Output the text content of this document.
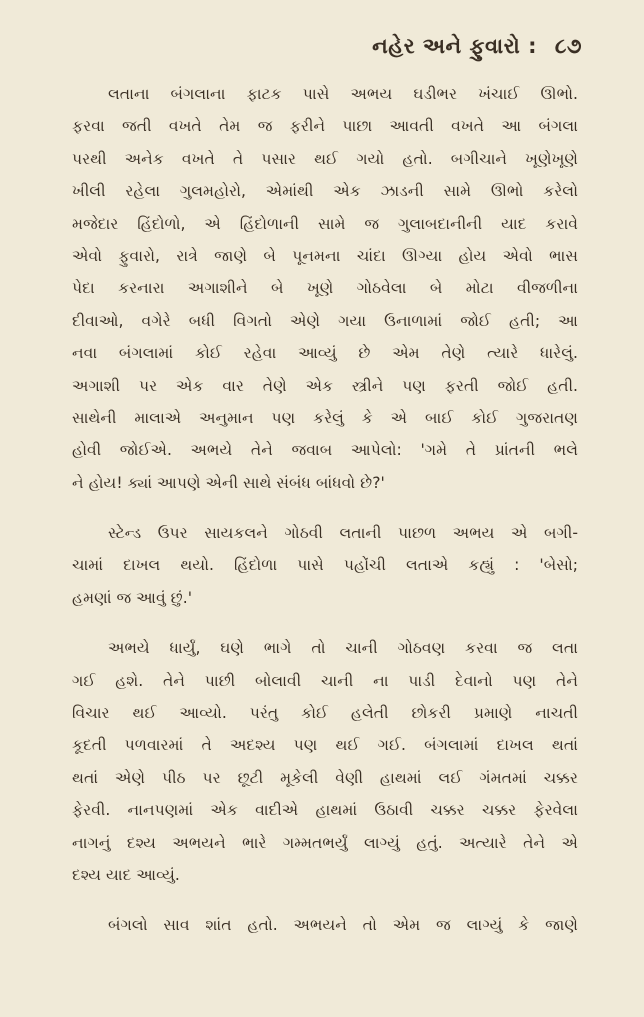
નહેર અને ફુવારો : ૮૭
લતાના બંગલાના ફાટક પાસે અભય ઘડીભર ખંચાઈ ઊભો.
ફરવા જતી વખતે તેમ જ ફરીને પાછા આવતી વખતે આ બંગલા
પરથી અનેક વખતે તે પસાર થઈ ગયો હતો. બગીચાને ખૂણેખૂણે
ખીલી રહેલા ગુલમહોરો, એમાંથી એક ઝાડની સામે ઊભો કરેલો
મજેદાર હિંદોળો, એ હિંદોળાની સામે જ ગુલાબદાનીની યાદ કરાવે
એવો ફુવારો, રાત્રે જાણે બે પૂનમના ચાંદા ઊગ્યા હોય એવો ભાસ
પેદા કરનારા અગાશીને બે ખૂણે ગોઠવેલા બે મોટા વીજળીના
દીવાઓ, વગેરે બધી વિગતો એણે ગયા ઉનાળામાં જોઈ હતી; આ
નવા બંગલામાં કોઈ રહેવા આવ્યું છે એમ તેણે ત્યારે ધારેલું.
અગાશી પર એક વાર તેણે એક સ્ત્રીને પણ ફરતી જોઈ હતી.
સાથેની માલાએ અનુમાન પણ કરેલું કે એ બાઈ કોઈ ગુજરાતણ
હોવી જોઈએ. અભયે તેને જવાબ આપેલો: 'ગમે તે પ્રાંતની ભલે
ને હોય! ક્યાં આપણે એની સાથે સંબંધ બાંધવો છે?'
સ્ટેન્ડ ઉપર સાયકલને ગોઠવી લતાની પાછળ અભય એ બગી-
ચામાં દાખલ થયો. હિંદોળા પાસે પહોંચી લતાએ કહ્યું : 'બેસો;
હમણાં જ આવું છું.'
અભયે ધાર્યું, ઘણે ભાગે તો ચાની ગોઠવણ કરવા જ લતા
ગઈ હશે. તેને પાછી બોલાવી ચાની ના પાડી દેવાનો પણ તેને
વિચાર થઈ આવ્યો. પરંતુ કોઈ હલેતી છોકરી પ્રમાણે નાચતી
કૂદતી પળવારમાં તે અદશ્ય પણ થઈ ગઈ. બંગલામાં દાખલ થતાં
થતાં એણે પીઠ પર છૂટી મૂકેલી વેણી હાથમાં લઈ ગંમતમાં ચક્કર
ફેરવી. નાનપણમાં એક વાદીએ હાથમાં ઉઠાવી ચક્કર ચક્કર ફેરવેલા
નાગનું દશ્ય અભયને ભારે ગમ્મતભર્યું લાગ્યું હતું. અત્યારે તેને એ
દશ્ય યાદ આવ્યું.
બંગલો સાવ શાંત હતો. અભયને તો એમ જ લાગ્યું કે જાણે
